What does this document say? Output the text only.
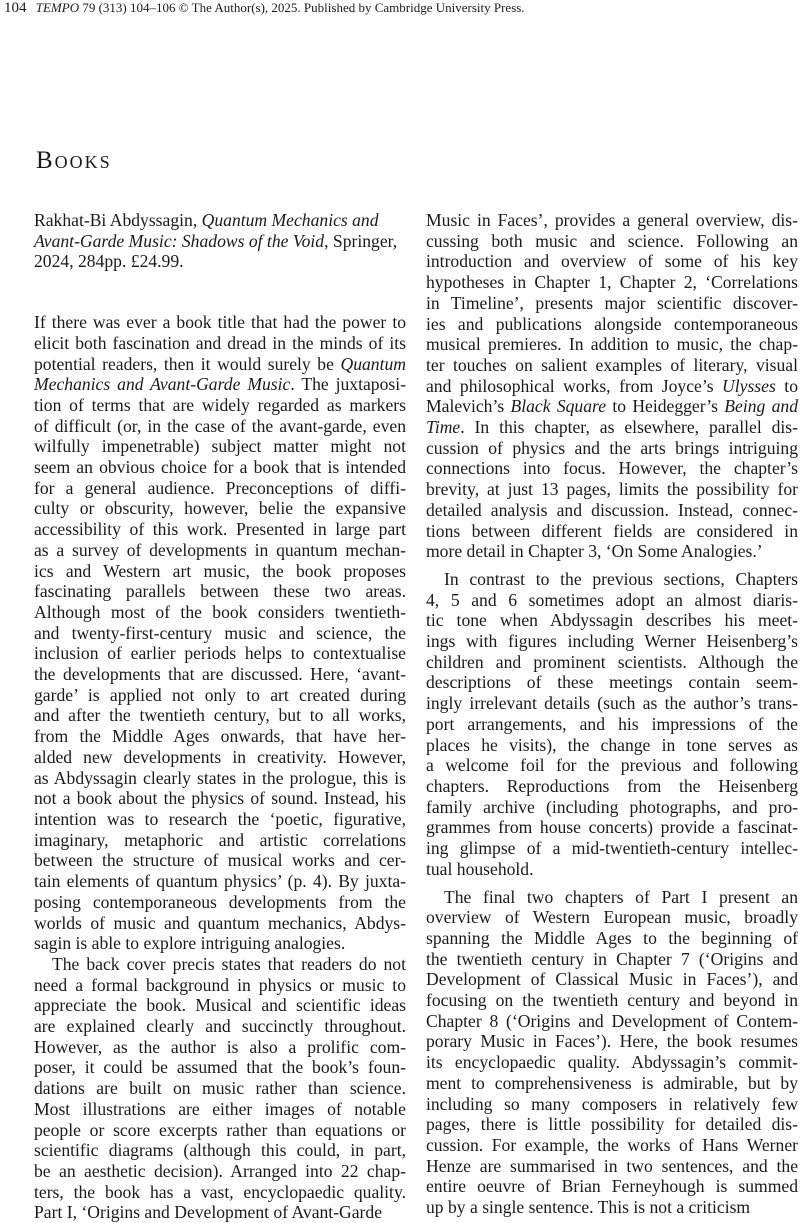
104 TEMPO 79 (313) 104–106 © The Author(s), 2025. Published by Cambridge University Press.
Books
Rakhat-Bi Abdyssagin, Quantum Mechanics and Avant-Garde Music: Shadows of the Void, Springer, 2024, 284pp. £24.99.
If there was ever a book title that had the power to
elicit both fascination and dread in the minds of its
potential readers, then it would surely be Quantum
Mechanics and Avant-Garde Music. The juxtaposi-
tion of terms that are widely regarded as markers
of difficult (or, in the case of the avant-garde, even
wilfully impenetrable) subject matter might not
seem an obvious choice for a book that is intended
for a general audience. Preconceptions of diffi-
culty or obscurity, however, belie the expansive
accessibility of this work. Presented in large part
as a survey of developments in quantum mechan-
ics and Western art music, the book proposes
fascinating parallels between these two areas.
Although most of the book considers twentieth-
and twenty-first-century music and science, the
inclusion of earlier periods helps to contextualise
the developments that are discussed. Here, ‘avant-
garde’ is applied not only to art created during
and after the twentieth century, but to all works,
from the Middle Ages onwards, that have her-
alded new developments in creativity. However,
as Abdyssagin clearly states in the prologue, this is
not a book about the physics of sound. Instead, his
intention was to research the ‘poetic, figurative,
imaginary, metaphoric and artistic correlations
between the structure of musical works and cer-
tain elements of quantum physics’ (p. 4). By juxta-
posing contemporaneous developments from the
worlds of music and quantum mechanics, Abdys-
sagin is able to explore intriguing analogies.
The back cover precis states that readers do not
need a formal background in physics or music to
appreciate the book. Musical and scientific ideas
are explained clearly and succinctly throughout.
However, as the author is also a prolific com-
poser, it could be assumed that the book’s foun-
dations are built on music rather than science.
Most illustrations are either images of notable
people or score excerpts rather than equations or
scientific diagrams (although this could, in part,
be an aesthetic decision). Arranged into 22 chap-
ters, the book has a vast, encyclopaedic quality.
Part I, ‘Origins and Development of Avant-Garde
Music in Faces’, provides a general overview, dis-
cussing both music and science. Following an
introduction and overview of some of his key
hypotheses in Chapter 1, Chapter 2, ‘Correlations
in Timeline’, presents major scientific discover-
ies and publications alongside contemporaneous
musical premieres. In addition to music, the chap-
ter touches on salient examples of literary, visual
and philosophical works, from Joyce’s Ulysses to
Malevich’s Black Square to Heidegger’s Being and
Time. In this chapter, as elsewhere, parallel dis-
cussion of physics and the arts brings intriguing
connections into focus. However, the chapter’s
brevity, at just 13 pages, limits the possibility for
detailed analysis and discussion. Instead, connec-
tions between different fields are considered in
more detail in Chapter 3, ‘On Some Analogies.’
In contrast to the previous sections, Chapters
4, 5 and 6 sometimes adopt an almost diaris-
tic tone when Abdyssagin describes his meet-
ings with figures including Werner Heisenberg’s
children and prominent scientists. Although the
descriptions of these meetings contain seem-
ingly irrelevant details (such as the author’s trans-
port arrangements, and his impressions of the
places he visits), the change in tone serves as
a welcome foil for the previous and following
chapters. Reproductions from the Heisenberg
family archive (including photographs, and pro-
grammes from house concerts) provide a fascinat-
ing glimpse of a mid-twentieth-century intellec-
tual household.
The final two chapters of Part I present an
overview of Western European music, broadly
spanning the Middle Ages to the beginning of
the twentieth century in Chapter 7 (‘Origins and
Development of Classical Music in Faces’), and
focusing on the twentieth century and beyond in
Chapter 8 (‘Origins and Development of Contem-
porary Music in Faces’). Here, the book resumes
its encyclopaedic quality. Abdyssagin’s commit-
ment to comprehensiveness is admirable, but by
including so many composers in relatively few
pages, there is little possibility for detailed dis-
cussion. For example, the works of Hans Werner
Henze are summarised in two sentences, and the
entire oeuvre of Brian Ferneyhough is summed
up by a single sentence. This is not a criticism
